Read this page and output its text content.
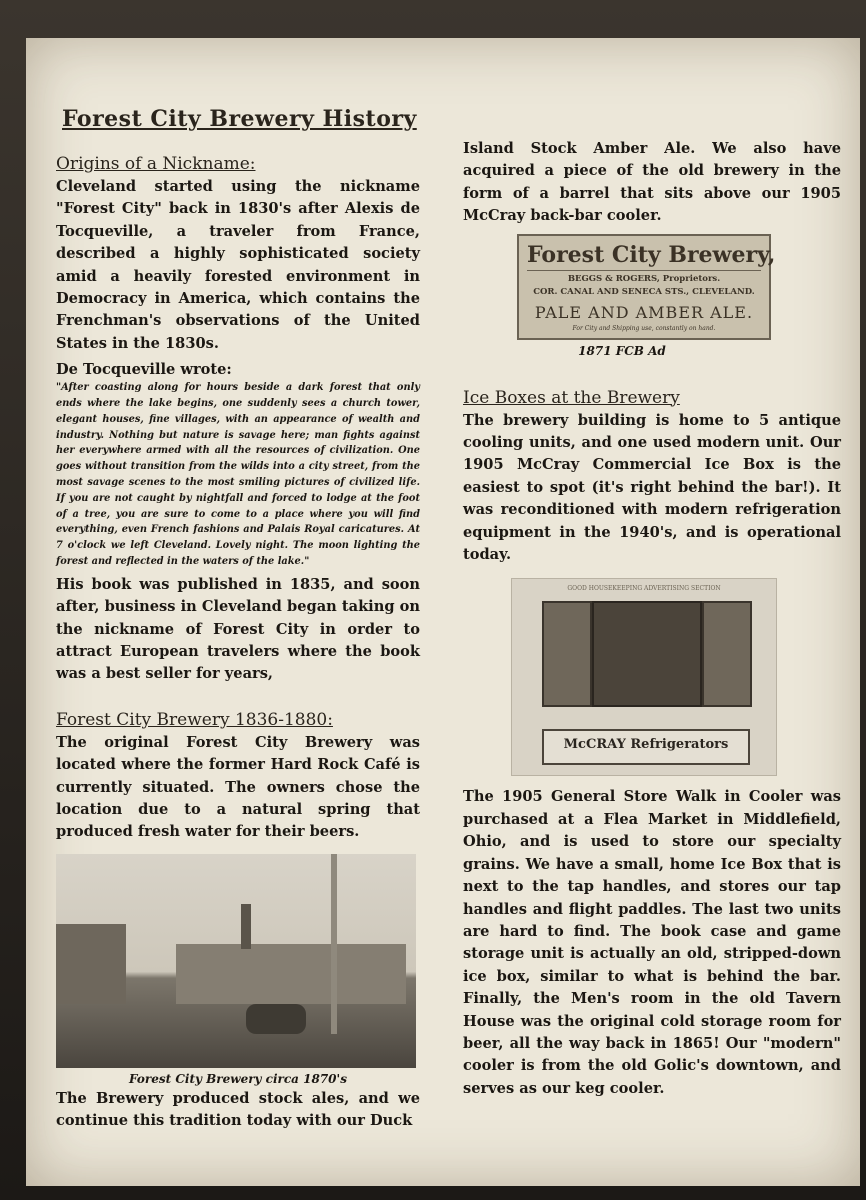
Forest City Brewery History
Origins of a Nickname:

Cleveland started using the nickname "Forest City" back in 1830's after Alexis de Tocqueville, a traveler from France, described a highly sophisticated society amid a heavily forested environment in Democracy in America, which contains the Frenchman's observations of the United States in the 1830s.

De Tocqueville wrote:

"After coasting along for hours beside a dark forest that only ends where the lake begins, one suddenly sees a church tower, elegant houses, fine villages, with an appearance of wealth and industry. Nothing but nature is savage here; man fights against her everywhere armed with all the resources of civilization. One goes without transition from the wilds into a city street, from the most savage scenes to the most smiling pictures of civilized life. If you are not caught by nightfall and forced to lodge at the foot of a tree, you are sure to come to a place where you will find everything, even French fashions and Palais Royal caricatures. At 7 o'clock we left Cleveland. Lovely night. The moon lighting the forest and reflected in the waters of the lake."

His book was published in 1835, and soon after, business in Cleveland began taking on the nickname of Forest City in order to attract European travelers where the book was a best seller for years,

Forest City Brewery 1836-1880:

The original Forest City Brewery was located where the former Hard Rock Café is currently situated. The owners chose the location due to a natural spring that produced fresh water for their beers.

Forest City Brewery circa 1870's

The Brewery produced stock ales, and we continue this tradition today with our Duck

Island Stock Amber Ale. We also have acquired a piece of the old brewery in the form of a barrel that sits above our 1905 McCray back-bar cooler.

Forest City Brewery,
BEGGS & ROGERS, Proprietors.
COR. CANAL AND SENECA STS., CLEVELAND.
PALE AND AMBER ALE.
For City and Shipping use, constantly on hand.
1871 FCB Ad
Ice Boxes at the Brewery

The brewery building is home to 5 antique cooling units, and one used modern unit. Our 1905 McCray Commercial Ice Box is the easiest to spot (it's right behind the bar!). It was reconditioned with modern refrigeration equipment in the 1940's, and is operational today.

GOOD HOUSEKEEPING ADVERTISING SECTION
McCRAY Refrigerators

The 1905 General Store Walk in Cooler was purchased at a Flea Market in Middlefield, Ohio, and is used to store our specialty grains. We have a small, home Ice Box that is next to the tap handles, and stores our tap handles and flight paddles. The last two units are hard to find. The book case and game storage unit is actually an old, stripped-down ice box, similar to what is behind the bar. Finally, the Men's room in the old Tavern House was the original cold storage room for beer, all the way back in 1865! Our "modern" cooler is from the old Golic's downtown, and serves as our keg cooler.
